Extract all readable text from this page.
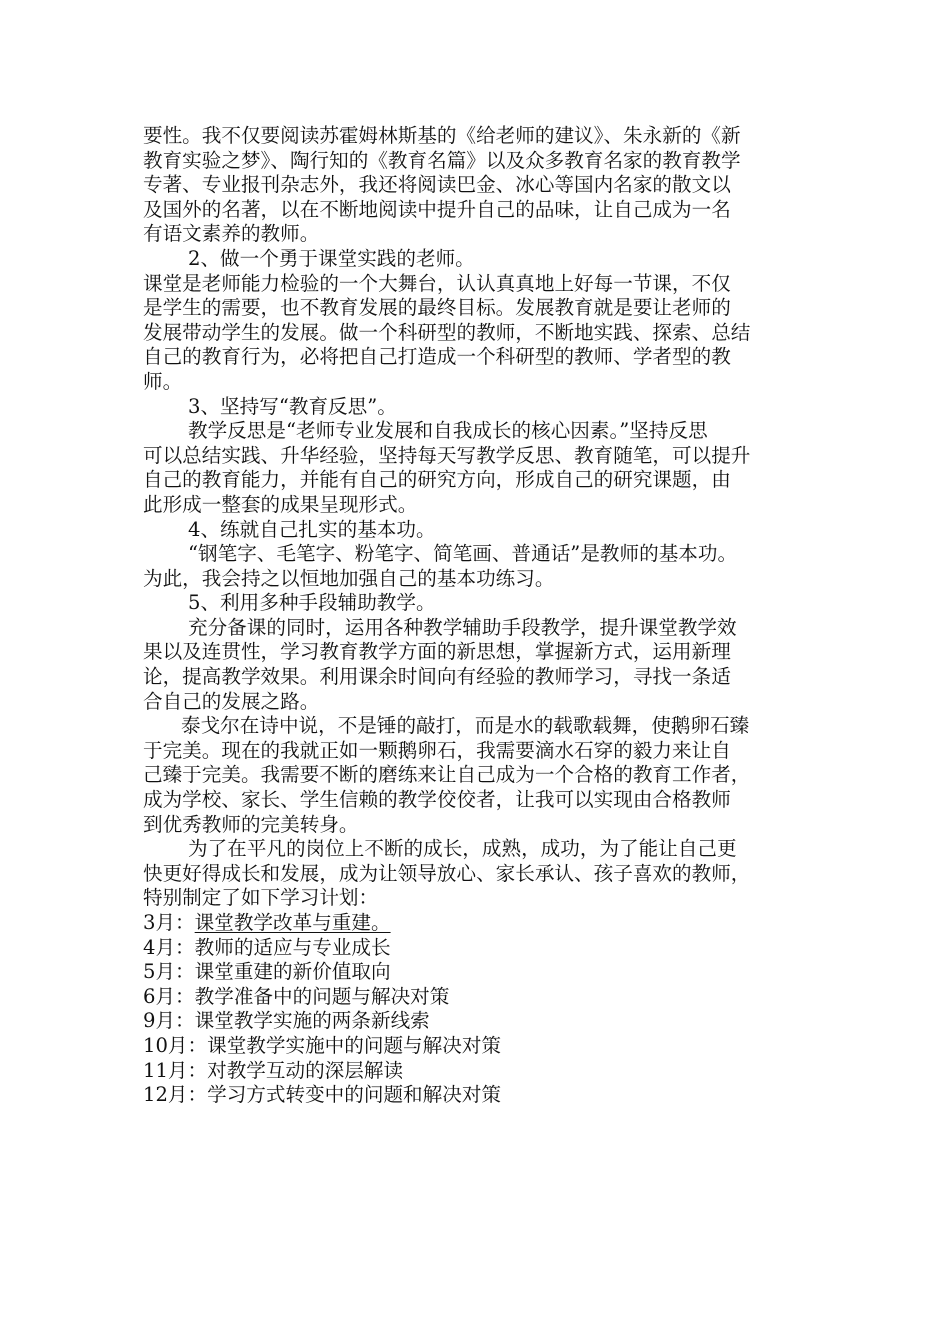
要性。我不仅要阅读苏霍姆林斯基的《给老师的建议》、朱永新的《新

教育实验之梦》、陶行知的《教育名篇》以及众多教育名家的教育教学

专著、专业报刊杂志外，我还将阅读巴金、冰心等国内名家的散文以

及国外的名著，以在不断地阅读中提升自己的品味，让自己成为一名

有语文素养的教师。

2、做一个勇于课堂实践的老师。

课堂是老师能力检验的一个大舞台，认认真真地上好每一节课，不仅

是学生的需要，也不教育发展的最终目标。发展教育就是要让老师的

发展带动学生的发展。做一个科研型的教师，不断地实践、探索、总结

自己的教育行为，必将把自己打造成一个科研型的教师、学者型的教

师。

3、坚持写“教育反思”。

教学反思是“老师专业发展和自我成长的核心因素。”坚持反思

可以总结实践、升华经验，坚持每天写教学反思、教育随笔，可以提升

自己的教育能力，并能有自己的研究方向，形成自己的研究课题，由

此形成一整套的成果呈现形式。

4、练就自己扎实的基本功。

“钢笔字、毛笔字、粉笔字、简笔画、普通话”是教师的基本功。

为此，我会持之以恒地加强自己的基本功练习。

5、利用多种手段辅助教学。

充分备课的同时，运用各种教学辅助手段教学，提升课堂教学效

果以及连贯性，学习教育教学方面的新思想，掌握新方式，运用新理

论，提高教学效果。利用课余时间向有经验的教师学习，寻找一条适

合自己的发展之路。

泰戈尔在诗中说，不是锤的敲打，而是水的载歌载舞，使鹅卵石臻

于完美。现在的我就正如一颗鹅卵石，我需要滴水石穿的毅力来让自

己臻于完美。我需要不断的磨练来让自己成为一个合格的教育工作者，

成为学校、家长、学生信赖的教学佼佼者，让我可以实现由合格教师

到优秀教师的完美转身。

为了在平凡的岗位上不断的成长，成熟，成功，为了能让自己更

快更好得成长和发展，成为让领导放心、家长承认、孩子喜欢的教师，

特别制定了如下学习计划：

3月：课堂教学改革与重建。

4月：教师的适应与专业成长

5月：课堂重建的新价值取向

6月：教学准备中的问题与解决对策

9月：课堂教学实施的两条新线索

10月：课堂教学实施中的问题与解决对策

11月：对教学互动的深层解读

12月：学习方式转变中的问题和解决对策
